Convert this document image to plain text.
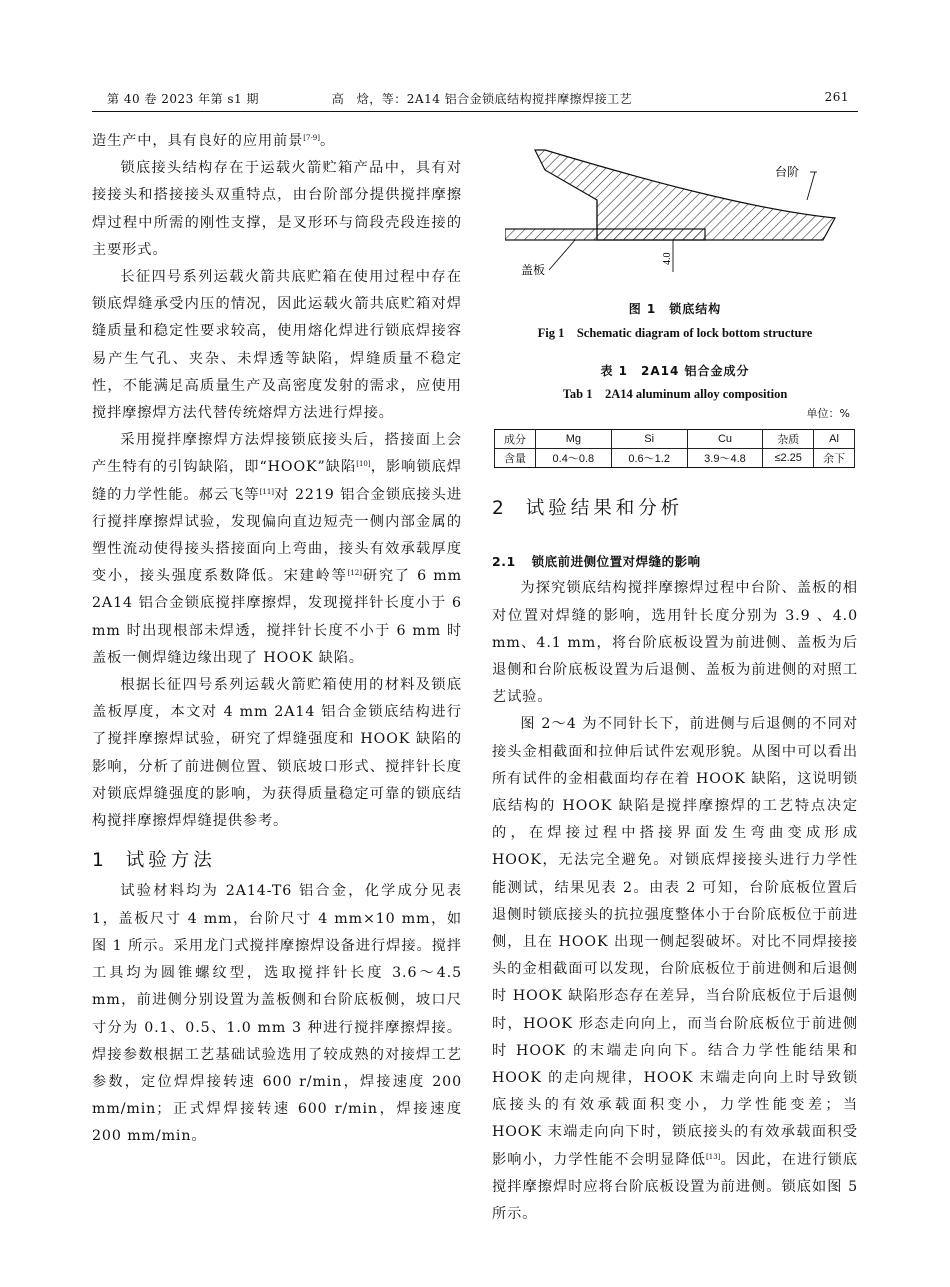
第 40 卷 2023 年第 s1 期	高　焓，等：2A14 铝合金锁底结构搅拌摩擦焊接工艺	261

造生产中，具有良好的应用前景[7-9]。

锁底接头结构存在于运载火箭贮箱产品中，具有对接接头和搭接接头双重特点，由台阶部分提供搅拌摩擦焊过程中所需的刚性支撑，是叉形环与筒段壳段连接的主要形式。

长征四号系列运载火箭共底贮箱在使用过程中存在锁底焊缝承受内压的情况，因此运载火箭共底贮箱对焊缝质量和稳定性要求较高，使用熔化焊进行锁底焊接容易产生气孔、夹杂、未焊透等缺陷，焊缝质量不稳定性，不能满足高质量生产及高密度发射的需求，应使用搅拌摩擦焊方法代替传统熔焊方法进行焊接。

采用搅拌摩擦焊方法焊接锁底接头后，搭接面上会产生特有的引钩缺陷，即“HOOK”缺陷[10]，影响锁底焊缝的力学性能。郝云飞等[11]对 2219 铝合金锁底接头进行搅拌摩擦焊试验，发现偏向直边短壳一侧内部金属的塑性流动使得接头搭接面向上弯曲，接头有效承载厚度变小，接头强度系数降低。宋建岭等[12]研究了 6 mm 2A14 铝合金锁底搅拌摩擦焊，发现搅拌针长度小于 6 mm 时出现根部未焊透，搅拌针长度不小于 6 mm 时盖板一侧焊缝边缘出现了 HOOK 缺陷。

根据长征四号系列运载火箭贮箱使用的材料及锁底盖板厚度，本文对 4 mm 2A14 铝合金锁底结构进行了搅拌摩擦焊试验，研究了焊缝强度和 HOOK 缺陷的影响，分析了前进侧位置、锁底坡口形式、搅拌针长度对锁底焊缝强度的影响，为获得质量稳定可靠的锁底结构搅拌摩擦焊焊缝提供参考。

1 试验方法

试验材料均为 2A14-T6 铝合金，化学成分见表 1，盖板尺寸 4 mm，台阶尺寸 4 mm×10 mm，如图 1 所示。采用龙门式搅拌摩擦焊设备进行焊接。搅拌工具均为圆锥螺纹型，选取搅拌针长度 3.6～4.5 mm，前进侧分别设置为盖板侧和台阶底板侧，坡口尺寸分为 0.1、0.5、1.0 mm 3 种进行搅拌摩擦焊接。焊接参数根据工艺基础试验选用了较成熟的对接焊工艺参数，定位焊焊接转速 600 r/min，焊接速度 200 mm/min；正式焊焊接转速 600 r/min，焊接速度 200 mm/min。

4.0
台阶
盖板
图 1　锁底结构
Fig 1　Schematic diagram of lock bottom structure
表 1　2A14 铝合金成分
Tab 1　2A14 aluminum alloy composition
单位：%
成分	Mg	Si	Cu	杂质	Al
含量	0.4～0.8	0.6～1.2	3.9～4.8	≤2.25	余下
2 试验结果和分析
2.1 锁底前进侧位置对焊缝的影响

为探究锁底结构搅拌摩擦焊过程中台阶、盖板的相对位置对焊缝的影响，选用针长度分别为 3.9 、4.0 mm、4.1 mm，将台阶底板设置为前进侧、盖板为后退侧和台阶底板设置为后退侧、盖板为前进侧的对照工艺试验。

图 2～4 为不同针长下，前进侧与后退侧的不同对接头金相截面和拉伸后试件宏观形貌。从图中可以看出所有试件的金相截面均存在着 HOOK 缺陷，这说明锁底结构的 HOOK 缺陷是搅拌摩擦焊的工艺特点决定的，在焊接过程中搭接界面发生弯曲变成形成 HOOK，无法完全避免。对锁底焊接接头进行力学性能测试，结果见表 2。由表 2 可知，台阶底板位置后退侧时锁底接头的抗拉强度整体小于台阶底板位于前进侧，且在 HOOK 出现一侧起裂破坏。对比不同焊接接头的金相截面可以发现，台阶底板位于前进侧和后退侧时 HOOK 缺陷形态存在差异，当台阶底板位于后退侧时，HOOK 形态走向向上，而当台阶底板位于前进侧时 HOOK 的末端走向向下。结合力学性能结果和 HOOK 的走向规律，HOOK 末端走向向上时导致锁底接头的有效承载面积变小，力学性能变差；当 HOOK 末端走向向下时，锁底接头的有效承载面积受影响小，力学性能不会明显降低[13]。因此，在进行锁底搅拌摩擦焊时应将台阶底板设置为前进侧。锁底如图 5 所示。
